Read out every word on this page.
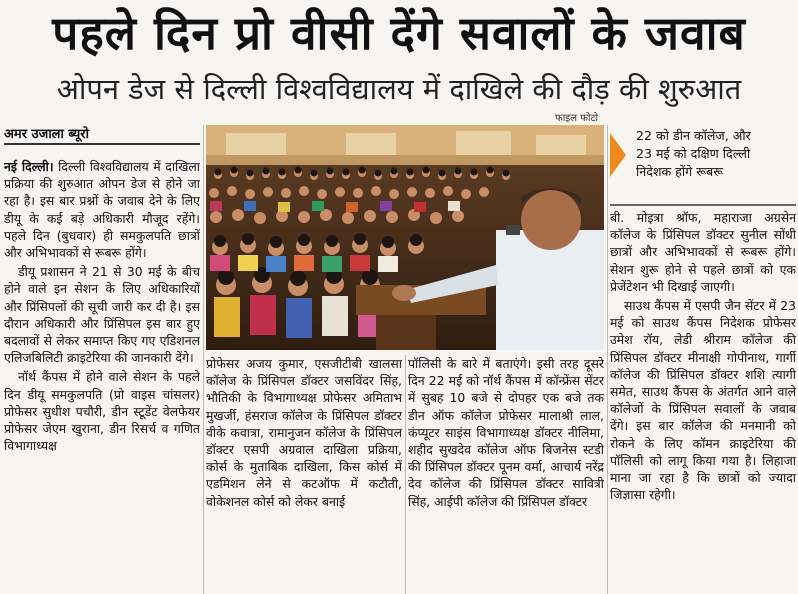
पहले दिन प्रो वीसी देंगे सवालों के जवाब
ओपन डेज से दिल्ली विश्वविद्यालय में दाखिले की दौड़ की शुरुआत
अमर उजाला ब्यूरो
फाइल फोटो
22 को डीन कॉलेज, और
23 मई को दक्षिण दिल्ली
निदेशक होंगे रूबरू

नई दिल्ली। दिल्ली विश्वविद्यालय में दाखिला प्रक्रिया की शुरुआत ओपन डेज से होने जा रहा है। इस बार प्रश्नों के जवाब देने के लिए डीयू के कई बड़े अधिकारी मौजूद रहेंगे। पहले दिन (बुधवार) ही समकुलपति छात्रों और अभिभावकों से रूबरू होंगे।

डीयू प्रशासन ने 21 से 30 मई के बीच होने वाले इन सेशन के लिए अधिकारियों और प्रिंसिपलों की सूची जारी कर दी है। इस दौरान अधिकारी और प्रिंसिपल इस बार हुए बदलावों से लेकर समाप्त किए गए एडिशनल एलिजबिलिटी क्राइटेरिया की जानकारी देंगे।

नॉर्थ कैंपस में होने वाले सेशन के पहले दिन डीयू समकुलपति (प्रो वाइस चांसलर) प्रोफेसर सुधीश पचौरी, डीन स्टूडेंट वेलफेयर प्रोफेसर जेएम खुराना, डीन रिसर्च व गणित विभागाध्यक्ष

प्रोफेसर अजय कुमार, एसजीटीबी खालसा कॉलेज के प्रिंसिपल डॉक्टर जसविंदर सिंह, भौतिकी के विभागाध्यक्ष प्रोफेसर अमिताभ मुखर्जी, हंसराज कॉलेज के प्रिंसिपल डॉक्टर वीके कवात्रा, रामानुजन कॉलेज के प्रिंसिपल डॉक्टर एसपी अग्रवाल दाखिला प्रक्रिया, कोर्स के मुताबिक दाखिला, किस कोर्स में एडमिशन लेने से कटऑफ में कटौती, वोकेशनल कोर्स को लेकर बनाई

पॉलिसी के बारे में बताएंगे। इसी तरह दूसरे दिन 22 मई को नॉर्थ कैंपस में कॉन्फ्रेंस सेंटर में सुबह 10 बजे से दोपहर एक बजे तक डीन ऑफ कॉलेज प्रोफेसर मालाश्री लाल, कंप्यूटर साइंस विभागाध्यक्ष डॉक्टर नीलिमा, शहीद सुखदेव कॉलेज ऑफ बिजनेस स्टडी की प्रिंसिपल डॉक्टर पूनम वर्मा, आचार्य नरेंद्र देव कॉलेज की प्रिंसिपल डॉक्टर सावित्री सिंह, आईपी कॉलेज की प्रिंसिपल डॉक्टर

बी. मोइत्रा श्रॉफ, महाराजा अग्रसेन कॉलेज के प्रिंसिपल डॉक्टर सुनील सोंधी छात्रों और अभिभावकों से रूबरू होंगे। सेशन शुरू होने से पहले छात्रों को एक प्रेजेंटेशन भी दिखाई जाएगी।

साउथ कैंपस में एसपी जैन सेंटर में 23 मई को साउथ कैंपस निदेशक प्रोफेसर उमेश रॉय, लेडी श्रीराम कॉलेज की प्रिंसिपल डॉक्टर मीनाक्षी गोपीनाथ, गार्गी कॉलेज की प्रिंसिपल डॉक्टर शशि त्यागी समेत, साउथ कैंपस के अंतर्गत आने वाले कॉलेजों के प्रिंसिपल सवालों के जवाब देंगे। इस बार कॉलेज की मनमानी को रोकने के लिए कॉमन क्राइटेरिया की पॉलिसी को लागू किया गया है। लिहाजा माना जा रहा है कि छात्रों को ज्यादा जिज्ञासा रहेगी।
